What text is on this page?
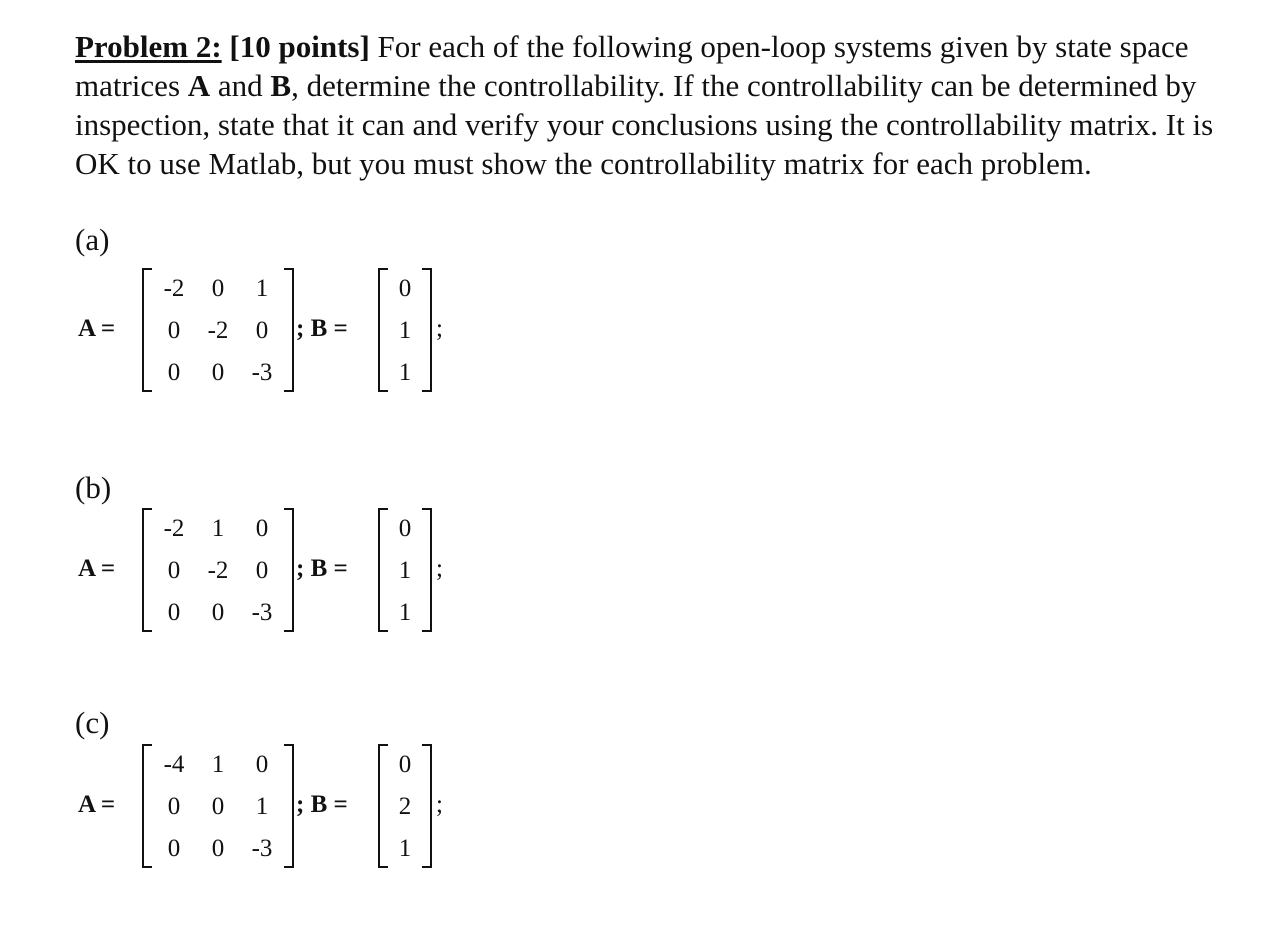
Problem 2: [10 points] For each of the following open-loop systems given by state space matrices A and B, determine the controllability. If the controllability can be determined by inspection, state that it can and verify your conclusions using the controllability matrix. It is OK to use Matlab, but you must show the controllability matrix for each problem.
(a)
A =
-2	0	1
0	-2	0
0	0	-3
; B =
0
1
1
;
(b)
A =
-2	1	0
0	-2	0
0	0	-3
; B =
0
1
1
;
(c)
A =
-4	1	0
0	0	1
0	0	-3
; B =
0
2
1
;
